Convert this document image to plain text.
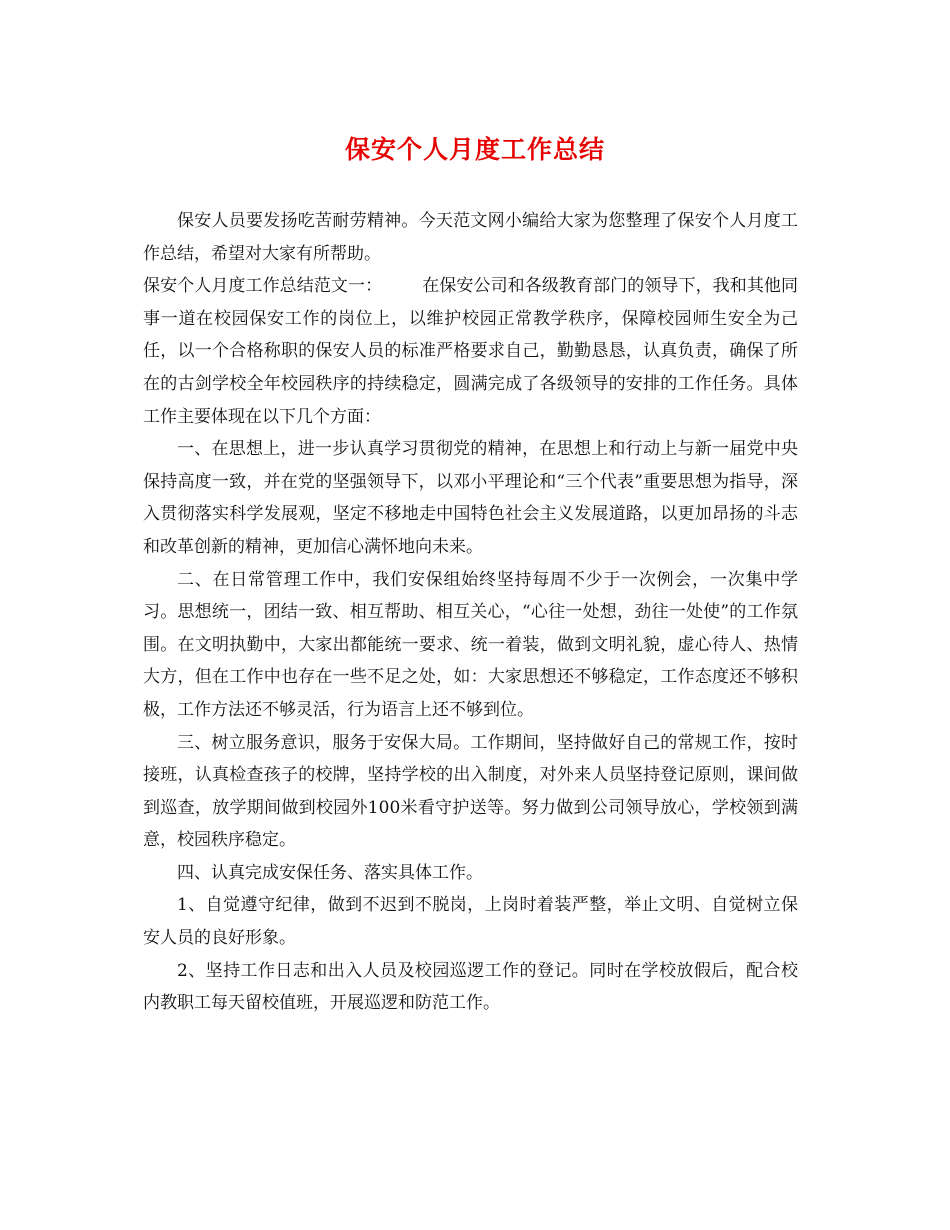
保安个人月度工作总结

保安人员要发扬吃苦耐劳精神。今天范文网小编给大家为您整理了保安个人月度工作总结，希望对大家有所帮助。

保安个人月度工作总结范文一： 在保安公司和各级教育部门的领导下，我和其他同事一道在校园保安工作的岗位上，以维护校园正常教学秩序，保障校园师生安全为己任，以一个合格称职的保安人员的标准严格要求自己，勤勤恳恳，认真负责，确保了所在的古剑学校全年校园秩序的持续稳定，圆满完成了各级领导的安排的工作任务。具体工作主要体现在以下几个方面：

一、在思想上，进一步认真学习贯彻党的精神，在思想上和行动上与新一届党中央保持高度一致，并在党的坚强领导下，以邓小平理论和“三个代表”重要思想为指导，深入贯彻落实科学发展观，坚定不移地走中国特色社会主义发展道路，以更加昂扬的斗志和改革创新的精神，更加信心满怀地向未来。

二、在日常管理工作中，我们安保组始终坚持每周不少于一次例会，一次集中学习。思想统一，团结一致、相互帮助、相互关心，“心往一处想，劲往一处使”的工作氛围。在文明执勤中，大家出都能统一要求、统一着装，做到文明礼貌，虚心待人、热情大方，但在工作中也存在一些不足之处，如：大家思想还不够稳定，工作态度还不够积极，工作方法还不够灵活，行为语言上还不够到位。

三、树立服务意识，服务于安保大局。工作期间，坚持做好自己的常规工作，按时接班，认真检查孩子的校牌，坚持学校的出入制度，对外来人员坚持登记原则，课间做到巡查，放学期间做到校园外100米看守护送等。努力做到公司领导放心，学校领到满意，校园秩序稳定。

四、认真完成安保任务、落实具体工作。

1、自觉遵守纪律，做到不迟到不脱岗，上岗时着装严整，举止文明、自觉树立保安人员的良好形象。

2、坚持工作日志和出入人员及校园巡逻工作的登记。同时在学校放假后，配合校内教职工每天留校值班，开展巡逻和防范工作。
